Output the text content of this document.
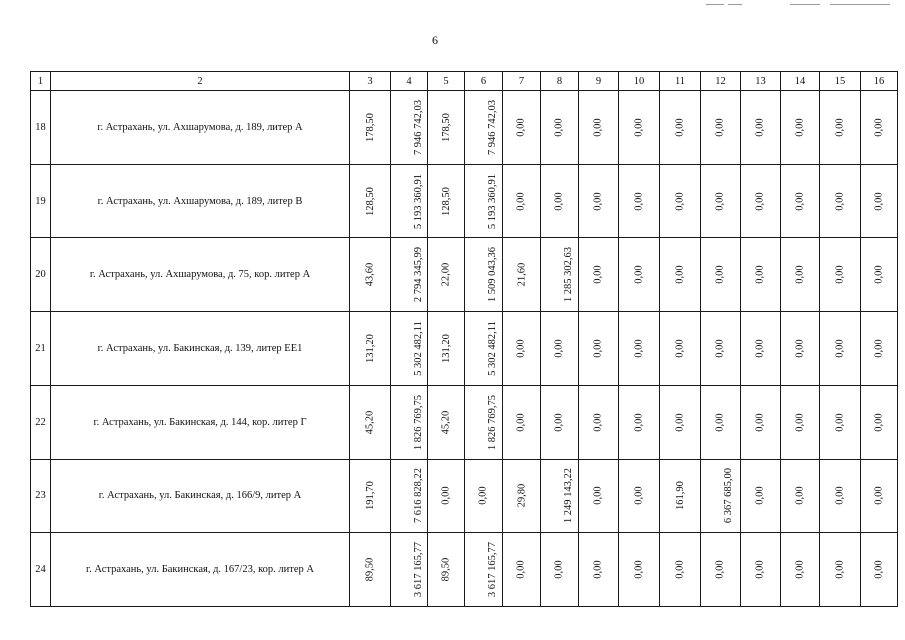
6
1	2	3	4	5	6	7	8	9	10	11	12	13	14	15	16
18	г. Астрахань, ул. Ахшарумова, д. 189, литер А	178,50	7 946 742,03	178,50	7 946 742,03	0,00	0,00	0,00	0,00	0,00	0,00	0,00	0,00	0,00	0,00
19	г. Астрахань, ул. Ахшарумова, д. 189, литер В	128,50	5 193 360,91	128,50	5 193 360,91	0,00	0,00	0,00	0,00	0,00	0,00	0,00	0,00	0,00	0,00
20	г. Астрахань, ул. Ахшарумова, д. 75, кор. литер А	43,60	2 794 345,99	22,00	1 509 043,36	21,60	1 285 302,63	0,00	0,00	0,00	0,00	0,00	0,00	0,00	0,00
21	г. Астрахань, ул. Бакинская, д. 139, литер ЕЕ1	131,20	5 302 482,11	131,20	5 302 482,11	0,00	0,00	0,00	0,00	0,00	0,00	0,00	0,00	0,00	0,00
22	г. Астрахань, ул. Бакинская, д. 144, кор. литер Г	45,20	1 826 769,75	45,20	1 826 769,75	0,00	0,00	0,00	0,00	0,00	0,00	0,00	0,00	0,00	0,00
23	г. Астрахань, ул. Бакинская, д. 166/9, литер А	191,70	7 616 828,22	0,00	0,00	29,80	1 249 143,22	0,00	0,00	161,90	6 367 685,00	0,00	0,00	0,00	0,00
24	г. Астрахань, ул. Бакинская, д. 167/23, кор. литер А	89,50	3 617 165,77	89,50	3 617 165,77	0,00	0,00	0,00	0,00	0,00	0,00	0,00	0,00	0,00	0,00
